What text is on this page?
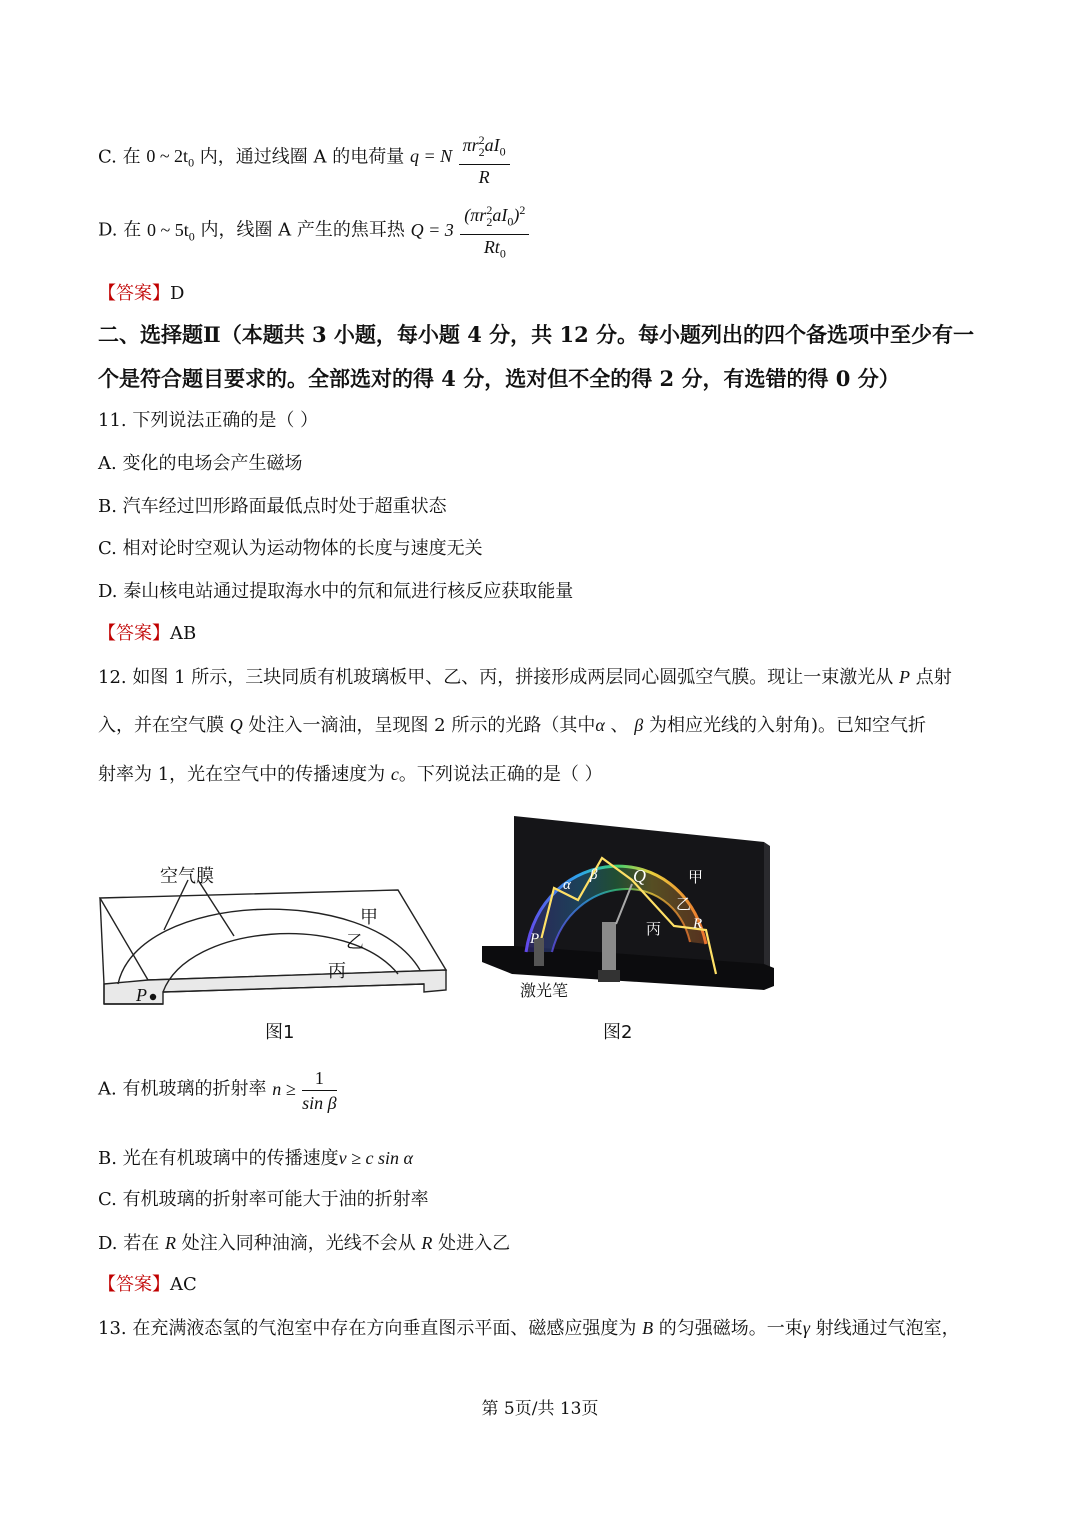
C. 在 0 ~ $2t_0$ 内，通过线圈 A 的电荷量 q = N $\frac{\pi r^2_2aI_0}{R}$
D. 在 0 ~ $5t_0$ 内，线圈 A 产生的焦耳热 $Q = 3 \frac{(\pi r^2_2aI_0)^2}{Rt_0}$
【答案】D
二、选择题Ⅱ（本题共 3 小题，每小题 4 分，共 12 分。每小题列出的四个备选项中至少有一
个是符合题目要求的。全部选对的得 4 分，选对但不全的得 2 分，有选错的得 0 分）
11. 下列说法正确的是（ ）
A. 变化的电场会产生磁场
B. 汽车经过凹形路面最低点时处于超重状态
C. 相对论时空观认为运动物体的长度与速度无关
D. 秦山核电站通过提取海水中的氘和氚进行核反应获取能量
【答案】AB
12. 如图 1 所示，三块同质有机玻璃板甲、乙、丙，拼接形成两层同心圆弧空气膜。现让一束激光从 P 点射
入，并在空气膜 Q 处注入一滴油，呈现图 2 所示的光路（其中α 、 β 为相应光线的入射角)。已知空气折
射率为 1，光在空气中的传播速度为 c。下列说法正确的是（ ）
空气膜
甲
乙
丙
P
图1
Q
α
β	甲
乙
丙 R
P
激光笔
图2
A. 有机玻璃的折射率 $n \ge \frac{1}{\text{sin β}}$
B. 光在有机玻璃中的传播速度v ≥ c sin α
C. 有机玻璃的折射率可能大于油的折射率
D. 若在 R 处注入同种油滴，光线不会从 R 处进入乙
【答案】AC
13. 在充满液态氢的气泡室中存在方向垂直图示平面、磁感应强度为 B 的匀强磁场。一束γ 射线通过气泡室，
第 5页/共 13页
